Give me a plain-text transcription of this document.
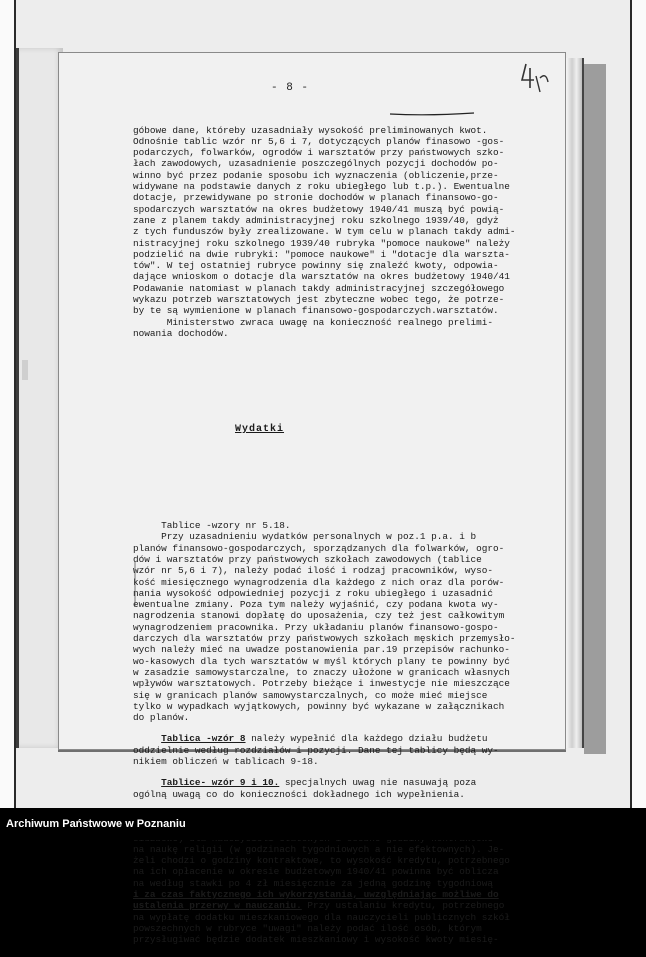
- 8 -

góbowe dane, któreby uzasadniały wysokość preliminowanych kwot.
Odnośnie tablic wzór nr 5,6 i 7, dotyczących planów finasowo -gos-
podarczych, folwarków, ogrodów i warsztatów przy państwowych szko-
łach zawodowych, uzasadnienie poszczególnych pozycji dochodów po-
winno być przez podanie sposobu ich wyznaczenia (obliczenie,prze-
widywane na podstawie danych z roku ubiegłego lub t.p.). Ewentualne
dotacje, przewidywane po stronie dochodów w planach finansowo-go-
spodarczych warsztatów na okres budżetowy 1940/41 muszą być powią-
zane z planem takdy administracyjnej roku szkolnego 1939/40, gdyż
z tych funduszów były zrealizowane. W tym celu w planach takdy admi-
nistracyjnej roku szkolnego 1939/40 rubryka "pomoce naukowe" należy
podzielić na dwie rubryki: "pomoce naukowe" i "dotacje dla warszta-
tów". W tej ostatniej rubryce powinny się znaleźć kwoty, odpowia-
dające wnioskom o dotacje dla warsztatów na okres budżetowy 1940/41
Podawanie natomiast w planach takdy administracyjnej szczegółowego
wykazu potrzeb warsztatowych jest zbyteczne wobec tego, że potrze-
by te są wymienione w planach finansowo-gospodarczych.warsztatów.
Ministerstwo zwraca uwagę na konieczność realnego prelimi-
nowania dochodów.

Wydatki

Tablice -wzory nr 5.18.
Przy uzasadnieniu wydatków personalnych w poz.1 p.a. i b
planów finansowo-gospodarczych, sporządzanych dla folwarków, ogro-
dów i warsztatów przy państwowych szkołach zawodowych (tablice
wzór nr 5,6 i 7), należy podać ilość i rodzaj pracowników, wyso-
kość miesięcznego wynagrodzenia dla każdego z nich oraz dla porów-
nania wysokość odpowiedniej pozycji z roku ubiegłego i uzasadnić
ewentualne zmiany. Poza tym należy wyjaśnić, czy podana kwota wy-
nagrodzenia stanowi dopłatę do uposażenia, czy też jest całkowitym
wynagrodzeniem pracownika. Przy układaniu planów finansowo-gospo-
darczych dla warsztatów przy państwowych szkołach męskich przemysło-
wych należy mieć na uwadze postanowienia par.19 przepisów rachunko-
wo-kasowych dla tych warsztatów w myśl których plany te powinny być
w zasadzie samowystarczalne, to znaczy ułożone w granicach własnych
wpływów warsztatowych. Potrzeby bieżące i inwestycje nie mieszczące
się w granicach planów samowystarczalnych, co może mieć miejsce
tylko w wypadkach wyjątkowych, powinny być wykazane w załącznikach
do planów.
Tablica -wzór 8 należy wypełnić dla każdego działu budżetu
oddzielnie według rozdziałów i pozycji. Dane tej tablicy będą wy-
nikiem obliczeń w tablicach 9-18.
Tablice- wzór 9 i 10. specjalnych uwag nie nasuwają poza
ogólną uwagą co do konieczności dokładnego ich wypełnienia.
na naukę religii (w godzinach tygodniowych a nie efektownych). Je-
żeli chodzi o godziny kontraktowe, to wysokość kredytu, potrzebnego
na ich opłacenie w okresie budżetowym 1940/41 powinna być oblicza
na według stawki po 4 zł miesięcznie za jedną godzinę tygodniową
i za czas faktycznego ich wykorzystania, uwzględniając możliwe do
ustalenia przerwy w nauczaniu. Przy ustalaniu kredytu, potrzebnego
na wypłatę dodatku mieszkaniowego dla nauczycieli publicznych szkół
powszechnych w rubryce "uwagi" należy podać ilość osób, którym
przysługiwać będzie dodatek mieszkaniowy i wysokość kwoty miesię-

Archiwum Państwowe w Poznaniu
